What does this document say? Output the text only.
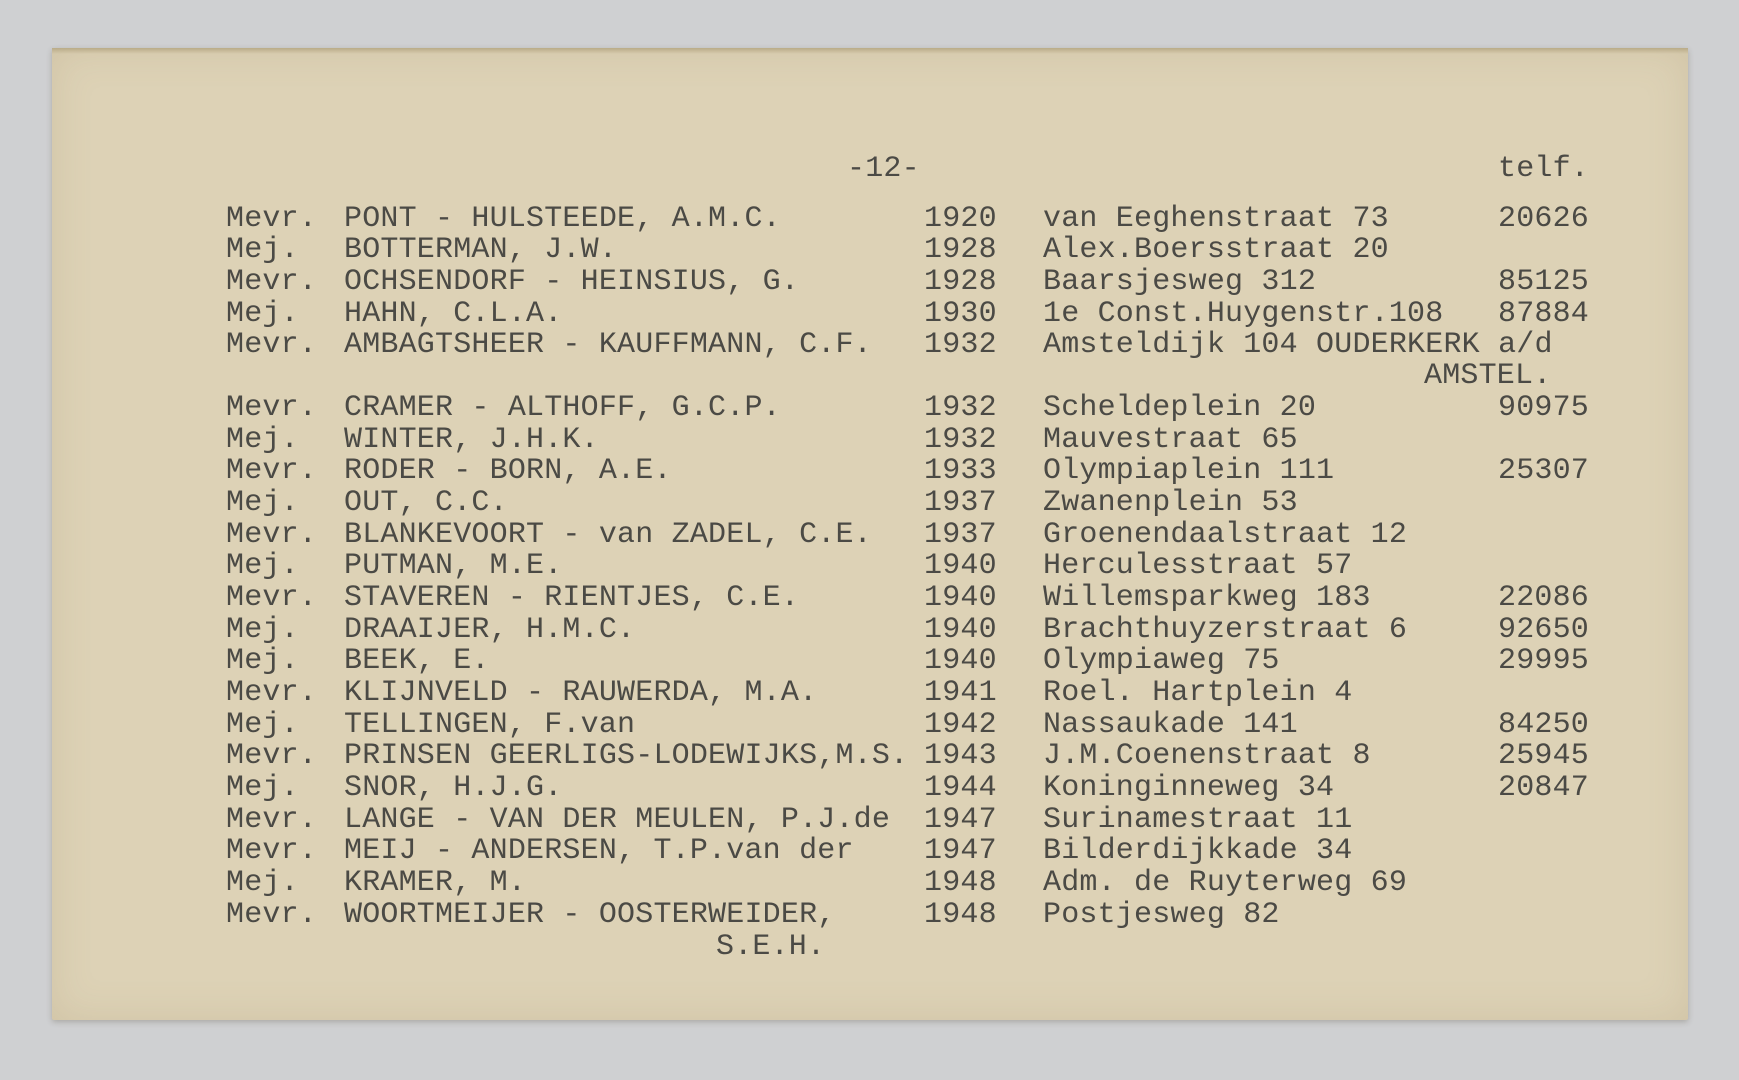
-12-	telf.
Mevr. PONT - HULSTEEDE, A.M.C.	1920 van Eeghenstraat 73	20626
Mej. BOTTERMAN, J.W.	1928 Alex.Boersstraat 20
Mevr. OCHSENDORF - HEINSIUS, G.	1928 Baarsjesweg 312	85125
Mej. HAHN, C.L.A.	1930 1e Const.Huygenstr.108 87884
Mevr. AMBAGTSHEER - KAUFFMANN, C.F. 1932 Amsteldijk 104 OUDERKERK a/d
AMSTEL.
Mevr. CRAMER - ALTHOFF, G.C.P.	1932 Scheldeplein 20	90975
Mej. WINTER, J.H.K.	1932 Mauvestraat 65
Mevr. RODER - BORN, A.E.	1933 Olympiaplein 111	25307
Mej. OUT, C.C.	1937 Zwanenplein 53
Mevr. BLANKEVOORT - van ZADEL, C.E. 1937 Groenendaalstraat 12
Mej. PUTMAN, M.E.	1940 Herculesstraat 57
Mevr. STAVEREN - RIENTJES, C.E.	1940 Willemsparkweg 183	22086
Mej. DRAAIJER, H.M.C.	1940 Brachthuyzerstraat 6	92650
Mej. BEEK, E.	1940 Olympiaweg 75	29995
Mevr. KLIJNVELD - RAUWERDA, M.A.	1941 Roel. Hartplein 4
Mej. TELLINGEN, F.van	1942 Nassaukade 141	84250
Mevr. PRINSEN GEERLIGS-LODEWIJKS,M.S. 1943 J.M.Coenenstraat 8	25945
Mej. SNOR, H.J.G.	1944 Koninginneweg 34	20847
Mevr. LANGE - VAN DER MEULEN, P.J.de 1947 Surinamestraat 11
Mevr. MEIJ - ANDERSEN, T.P.van der 1947 Bilderdijkkade 34
Mej. KRAMER, M.	1948 Adm. de Ruyterweg 69
Mevr. WOORTMEIJER - OOSTERWEIDER,	1948 Postjesweg 82
S.E.H.
